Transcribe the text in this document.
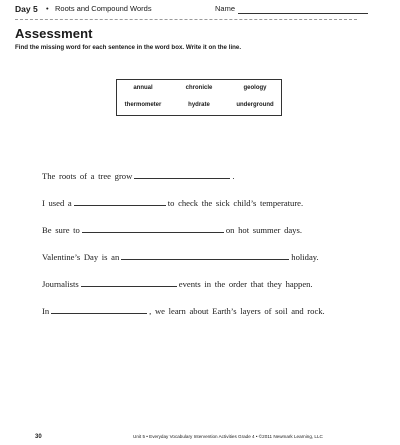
Day 5 • Roots and Compound Words	Name
Assessment
Find the missing word for each sentence in the word box. Write it on the line.
annual	chronicle	geology
thermometer	hydrate	underground
The roots of a tree grow	.
I used a	to check the sick child’s temperature.
Be sure to	on hot summer days.
Valentine’s Day is an	holiday.
Journalists	events in the order that they happen.
In	, we learn about Earth’s layers of soil and rock.
30	Unit 5 • Everyday Vocabulary Intervention Activities Grade 4 • ©2011 Newmark Learning, LLC
